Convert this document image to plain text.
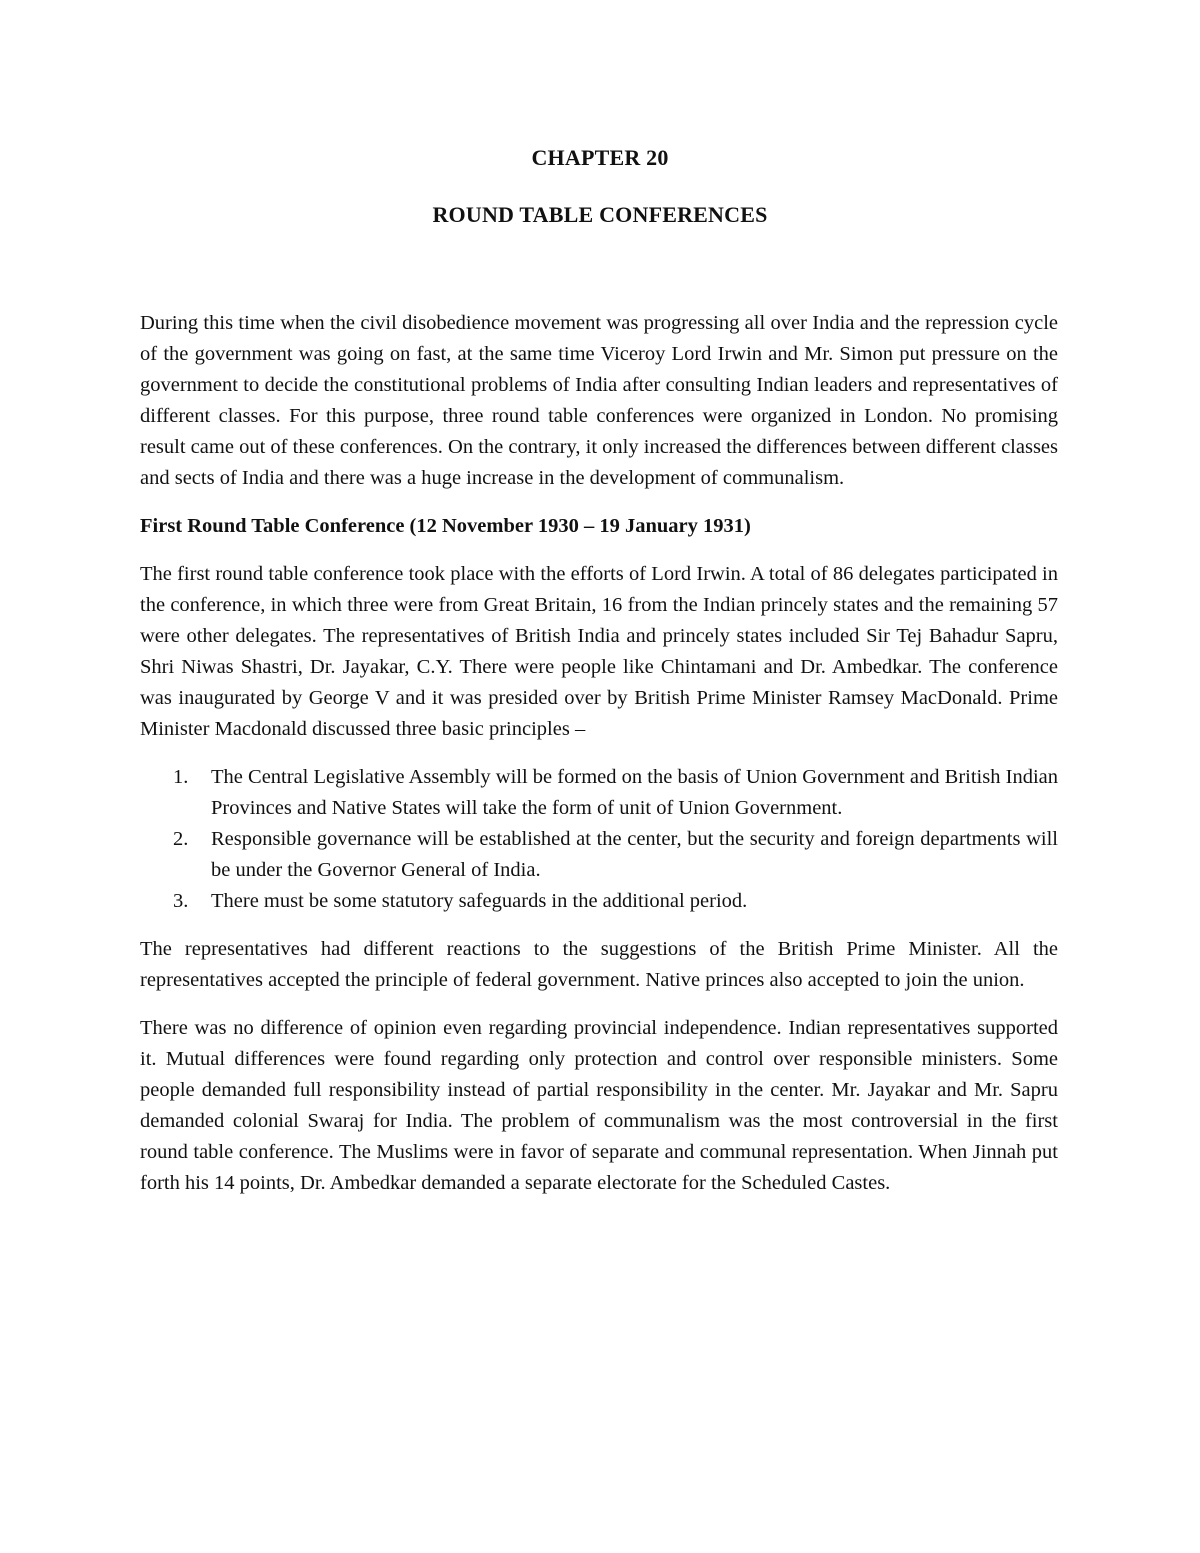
CHAPTER 20
ROUND TABLE CONFERENCES

During this time when the civil disobedience movement was progressing all over India and the repression cycle of the government was going on fast, at the same time Viceroy Lord Irwin and Mr. Simon put pressure on the government to decide the constitutional problems of India after consulting Indian leaders and representatives of different classes. For this purpose, three round table conferences were organized in London. No promising result came out of these conferences. On the contrary, it only increased the differences between different classes and sects of India and there was a huge increase in the development of communalism.

First Round Table Conference (12 November 1930 – 19 January 1931)

The first round table conference took place with the efforts of Lord Irwin. A total of 86 delegates participated in the conference, in which three were from Great Britain, 16 from the Indian princely states and the remaining 57 were other delegates. The representatives of British India and princely states included Sir Tej Bahadur Sapru, Shri Niwas Shastri, Dr. Jayakar, C.Y. There were people like Chintamani and Dr. Ambedkar. The conference was inaugurated by George V and it was presided over by British Prime Minister Ramsey MacDonald. Prime Minister Macdonald discussed three basic principles –

1. The Central Legislative Assembly will be formed on the basis of Union Government and British Indian Provinces and Native States will take the form of unit of Union Government.
2. Responsible governance will be established at the center, but the security and foreign departments will be under the Governor General of India.
3. There must be some statutory safeguards in the additional period.

The representatives had different reactions to the suggestions of the British Prime Minister. All the representatives accepted the principle of federal government. Native princes also accepted to join the union.

There was no difference of opinion even regarding provincial independence. Indian representatives supported it. Mutual differences were found regarding only protection and control over responsible ministers. Some people demanded full responsibility instead of partial responsibility in the center. Mr. Jayakar and Mr. Sapru demanded colonial Swaraj for India. The problem of communalism was the most controversial in the first round table conference. The Muslims were in favor of separate and communal representation. When Jinnah put forth his 14 points, Dr. Ambedkar demanded a separate electorate for the Scheduled Castes.
